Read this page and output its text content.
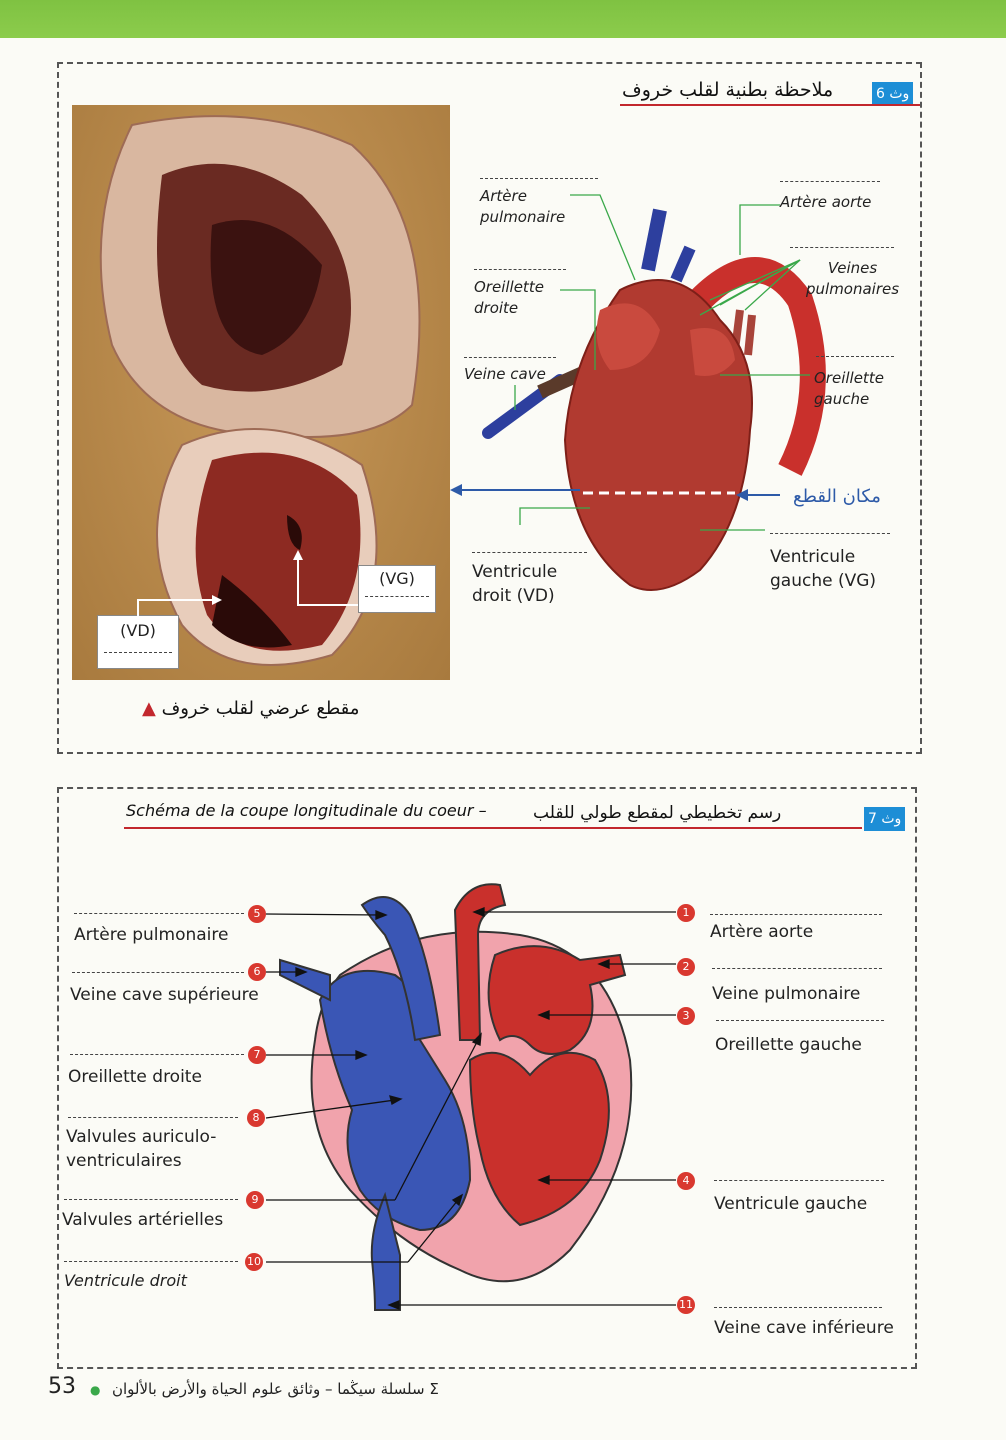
وث 6
ملاحظة بطنية لقلب خروف
(VG)
(VD)
▲ مقطع عرضي لقلب خروف
Artère
pulmonaire
Oreillette
droite
Veine cave
Artère aorte
Veines
pulmonaires
Oreillette
gauche
مكان القطع
Ventricule
droit (VD)
Ventricule
gauche (VG)
وث 7
Schéma de la coupe longitudinale du coeur –	رسم تخطيطي لمقطع طولي للقلب
5
Artère pulmonaire
6
Veine cave supérieure
7
Oreillette droite
8
Valvules auriculo-
ventriculaires
9
Valvules artérielles
10
Ventricule droit
1
Artère aorte
2
Veine pulmonaire
3
Oreillette gauche
4
Ventricule gauche
11
Veine cave inférieure
53 ● سلسلة سيڭما – وثائق علوم الحياة والأرض بالألوان Σ
